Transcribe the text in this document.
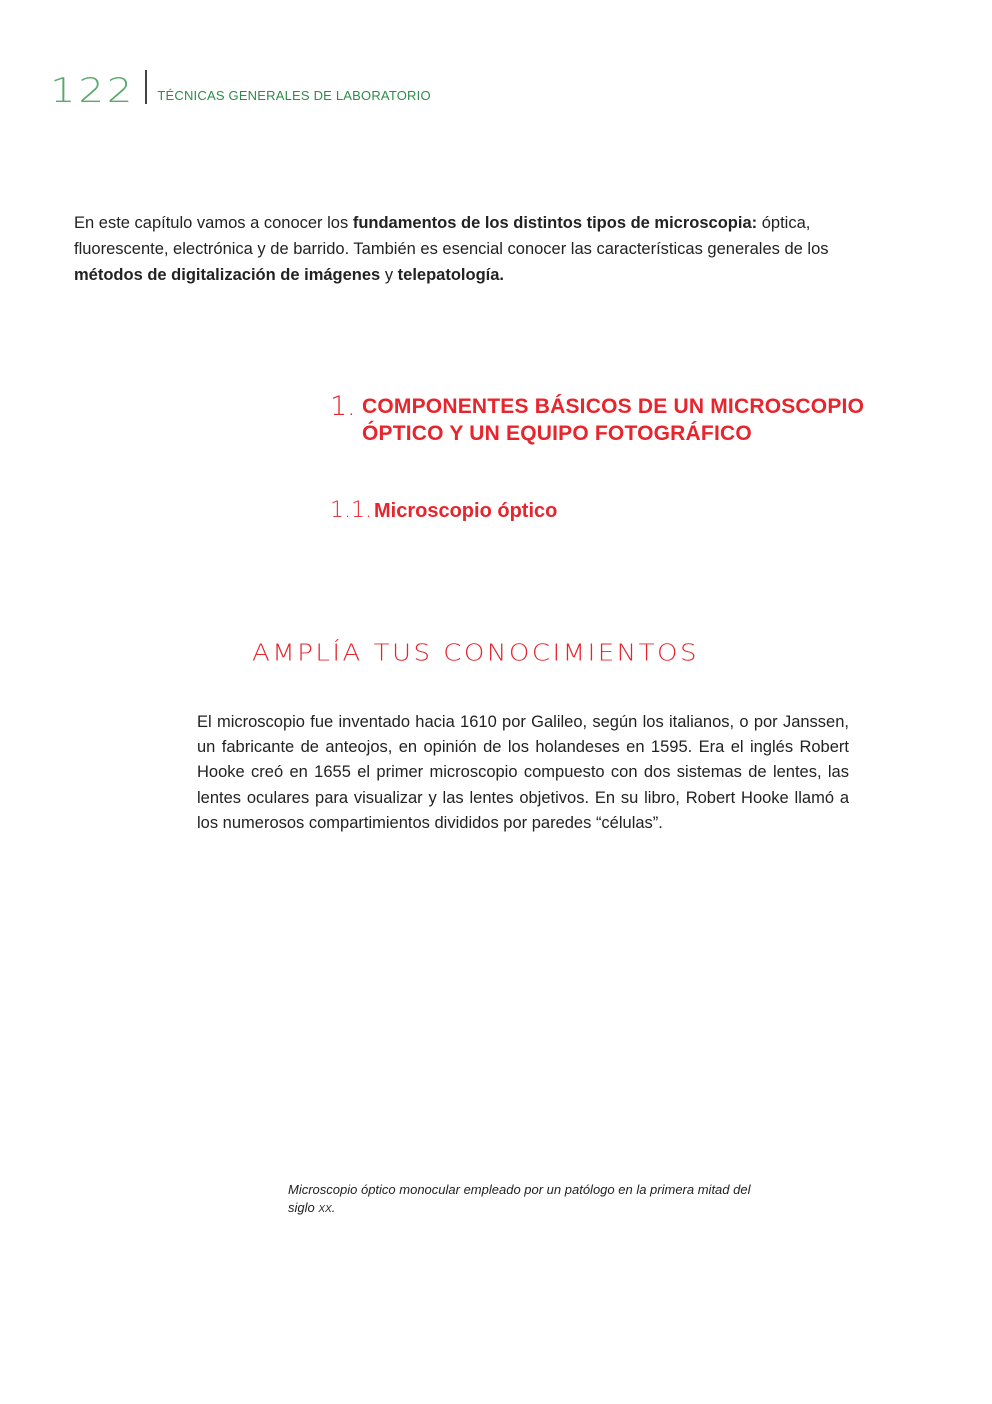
122 TÉCNICAS GENERALES DE LABORATORIO

En este capítulo vamos a conocer los fundamentos de los distintos tipos de microscopia: óptica, fluorescente, electrónica y de barrido. También es esencial conocer las características generales de los métodos de digitalización de imágenes y telepatología.

1. COMPONENTES BÁSICOS DE UN MICROSCOPIO ÓPTICO Y UN EQUIPO FOTOGRÁFICO
1.1. Microscopio óptico
AMPLÍA TUS CONOCIMIENTOS

El microscopio fue inventado hacia 1610 por Galileo, según los italianos, o por Janssen, un fabricante de anteojos, en opinión de los holandeses en 1595. Era el inglés Robert Hooke creó en 1655 el primer microscopio compuesto con dos sistemas de lentes, las lentes oculares para visualizar y las lentes objetivos. En su libro, Robert Hooke llamó a los numerosos compartimientos divididos por paredes “células”.

Microscopio óptico monocular empleado por un patólogo en la primera mitad del siglo XX.
